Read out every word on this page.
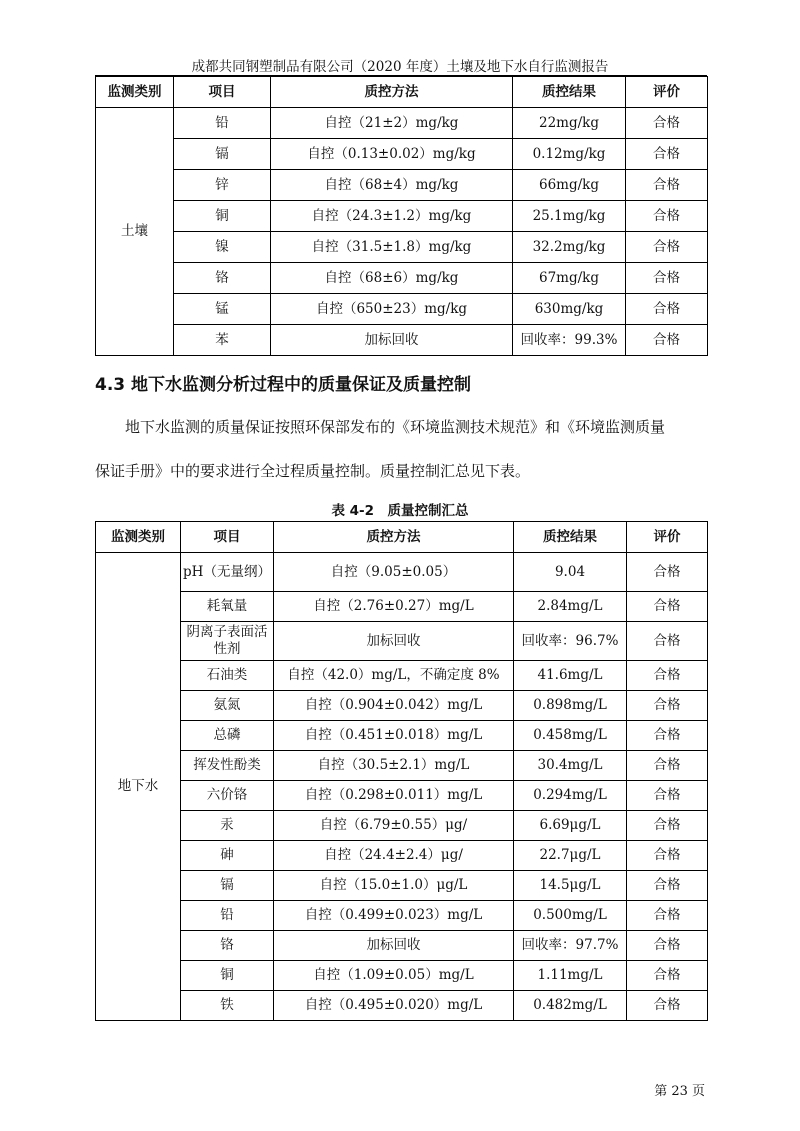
成都共同钢塑制品有限公司（2020 年度）土壤及地下水自行监测报告
监测类别	项目	质控方法	质控结果	评价
土壤	铅	自控（21±2）mg/kg	22mg/kg	合格
	镉	自控（0.13±0.02）mg/kg	0.12mg/kg	合格
	锌	自控（68±4）mg/kg	66mg/kg	合格
	铜	自控（24.3±1.2）mg/kg	25.1mg/kg	合格
	镍	自控（31.5±1.8）mg/kg	32.2mg/kg	合格
	铬	自控（68±6）mg/kg	67mg/kg	合格
	锰	自控（650±23）mg/kg	630mg/kg	合格
	苯	加标回收	回收率：99.3%	合格
4.3 地下水监测分析过程中的质量保证及质量控制
地下水监测的质量保证按照环保部发布的《环境监测技术规范》和《环境监测质量
保证手册》中的要求进行全过程质量控制。质量控制汇总见下表。
表 4-2　质量控制汇总
监测类别	项目	质控方法	质控结果	评价
地下水	pH（无量纲）	自控（9.05±0.05）	9.04	合格
	耗氧量	自控（2.76±0.27）mg/L	2.84mg/L	合格
	阴离子表面活性剂	加标回收	回收率：96.7%	合格
	石油类	自控（42.0）mg/L，不确定度 8%	41.6mg/L	合格
	氨氮	自控（0.904±0.042）mg/L	0.898mg/L	合格
	总磷	自控（0.451±0.018）mg/L	0.458mg/L	合格
	挥发性酚类	自控（30.5±2.1）mg/L	30.4mg/L	合格
	六价铬	自控（0.298±0.011）mg/L	0.294mg/L	合格
	汞	自控（6.79±0.55）μg/	6.69μg/L	合格
	砷	自控（24.4±2.4）μg/	22.7μg/L	合格
	镉	自控（15.0±1.0）μg/L	14.5μg/L	合格
	铅	自控（0.499±0.023）mg/L	0.500mg/L	合格
	铬	加标回收	回收率：97.7%	合格
	铜	自控（1.09±0.05）mg/L	1.11mg/L	合格
	铁	自控（0.495±0.020）mg/L	0.482mg/L	合格
第 23 页
